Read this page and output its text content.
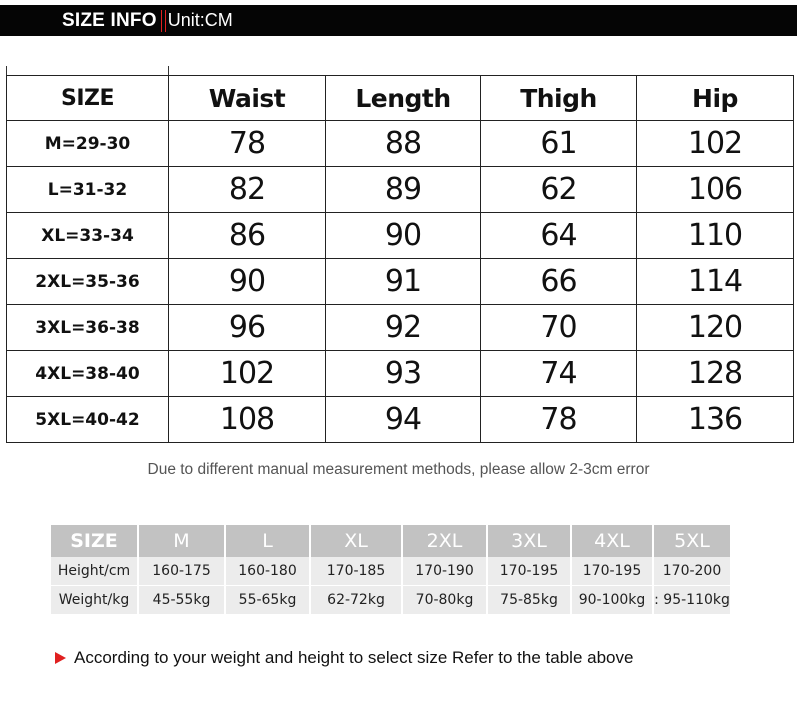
SIZE INFO Unit:CM
SIZE	Waist	Length	Thigh	Hip
M=29-30	78	88	61	102
L=31-32	82	89	62	106
XL=33-34	86	90	64	110
2XL=35-36	90	91	66	114
3XL=36-38	96	92	70	120
4XL=38-40	102	93	74	128
5XL=40-42	108	94	78	136
Due to different manual measurement methods, please allow 2-3cm error
SIZE	M	L	XL	2XL	3XL	4XL	5XL
Height/cm	160-175	160-180	170-185	170-190	170-195	170-195	170-200
Weight/kg	45-55kg	55-65kg	62-72kg	70-80kg	75-85kg	90-100kg	: 95-110kg
According to your weight and height to select size Refer to the table above
